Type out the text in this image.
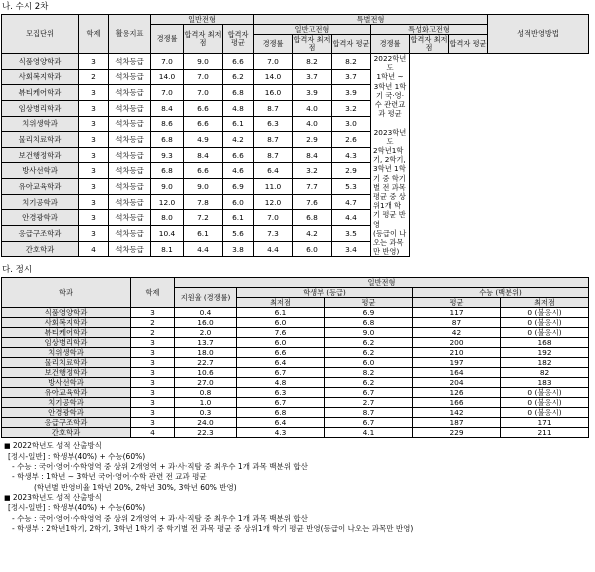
나. 수시 2차
모집단위	학제	활용지표	일반전형			특별전형						성적반영방법
			경쟁률	합격자 최저점	합격자 평균	일반고전형			특성화고전형			
						경쟁률	합격자 최저점	합격자 평균	경쟁률	합격자 최저점	합격자 평균	
식품영양학과	3	석차등급	7.0	9.0	6.6	7.0	8.2	8.2	2022학년도

1학년 ~ 3학년 1학기 국·영·수 관련교과 평균

2023학년도

2학년1학기, 2학기, 3학년 1학기 중 학기별 전 과목 평균 중 상위1개 학기 평균 반영

(등급이 나오는 과목만 반영)			

사회복지학과	2	석차등급	14.0	7.0	6.2	14.0	3.7	3.7				
뷰티케어학과	3	석차등급	7.0	7.0	6.8	16.0	3.9	3.9				
임상병리학과	3	석차등급	8.4	6.6	4.8	8.7	4.0	3.2				
치위생학과	3	석차등급	8.6	6.6	6.1	6.3	4.0	3.0				
물리치료학과	3	석차등급	6.8	4.9	4.2	8.7	2.9	2.6				
보건행정학과	3	석차등급	9.3	8.4	6.6	8.7	8.4	4.3				
방사선학과	3	석차등급	6.8	6.6	4.6	6.4	3.2	2.9				
유아교육학과	3	석차등급	9.0	9.0	6.9	11.0	7.7	5.3				
치기공학과	3	석차등급	12.0	7.8	6.0	12.0	7.6	4.7				
안경광학과	3	석차등급	8.0	7.2	6.1	7.0	6.8	4.4				
응급구조학과	3	석차등급	10.4	6.1	5.6	7.3	4.2	3.5				
간호학과	4	석차등급	8.1	4.4	3.8	4.4	6.0	3.4				
다. 정시
학과	학제	일반전형				
		지원율 (경쟁률)	학생부 (등급)		수능 (백분위)	
			최저점	평균	평균	최저점
식품영양학과	3	0.4	6.1	6.9	117	0 (불응시)
사회복지학과	2	16.0	6.0	6.8	87	0 (불응시)
뷰티케어학과	2	2.0	7.6	9.0	42	0 (불응시)
임상병리학과	3	13.7	6.0	6.2	200	168
치위생학과	3	18.0	6.6	6.2	210	192
물리치료학과	3	22.7	6.4	6.0	197	182
보건행정학과	3	10.6	6.7	8.2	164	82
방사선학과	3	27.0	4.8	6.2	204	183
유아교육학과	3	0.8	6.3	6.7	126	0 (불응시)
치기공학과	3	1.0	6.7	2.7	166	0 (불응시)
안경광학과	3	0.3	6.8	8.7	142	0 (불응시)
응급구조학과	3	24.0	6.4	6.7	187	171
간호학과	4	22.3	4.3	4.1	229	211
■ 2022학년도 성적 산출방식
[정시-일반] : 학생부(40%) + 수능(60%)
- 수능 : 국어·영어·수학영역 중 상위 2개영역 + 과·사·직탐 중 최우수 1개 과목 백분위 합산
- 학생부 : 1학년 ~ 3학년 국어·영어·수학 관련 전 교과 평균
(학년별 반영비율 1학년 20%, 2학년 30%, 3학년 60% 반영)
■ 2023학년도 성적 산출방식
[정시-일반] : 학생부(40%) + 수능(60%)
- 수능 : 국어·영어·수학영역 중 상위 2개영역 + 과·사·직탐 중 최우수 1개 과목 백분위 합산
- 학생부 : 2학년1학기, 2학기, 3학년 1학기 중 학기별 전 과목 평균 중 상위1개 학기 평균 반영(등급이 나오는 과목만 반영)
